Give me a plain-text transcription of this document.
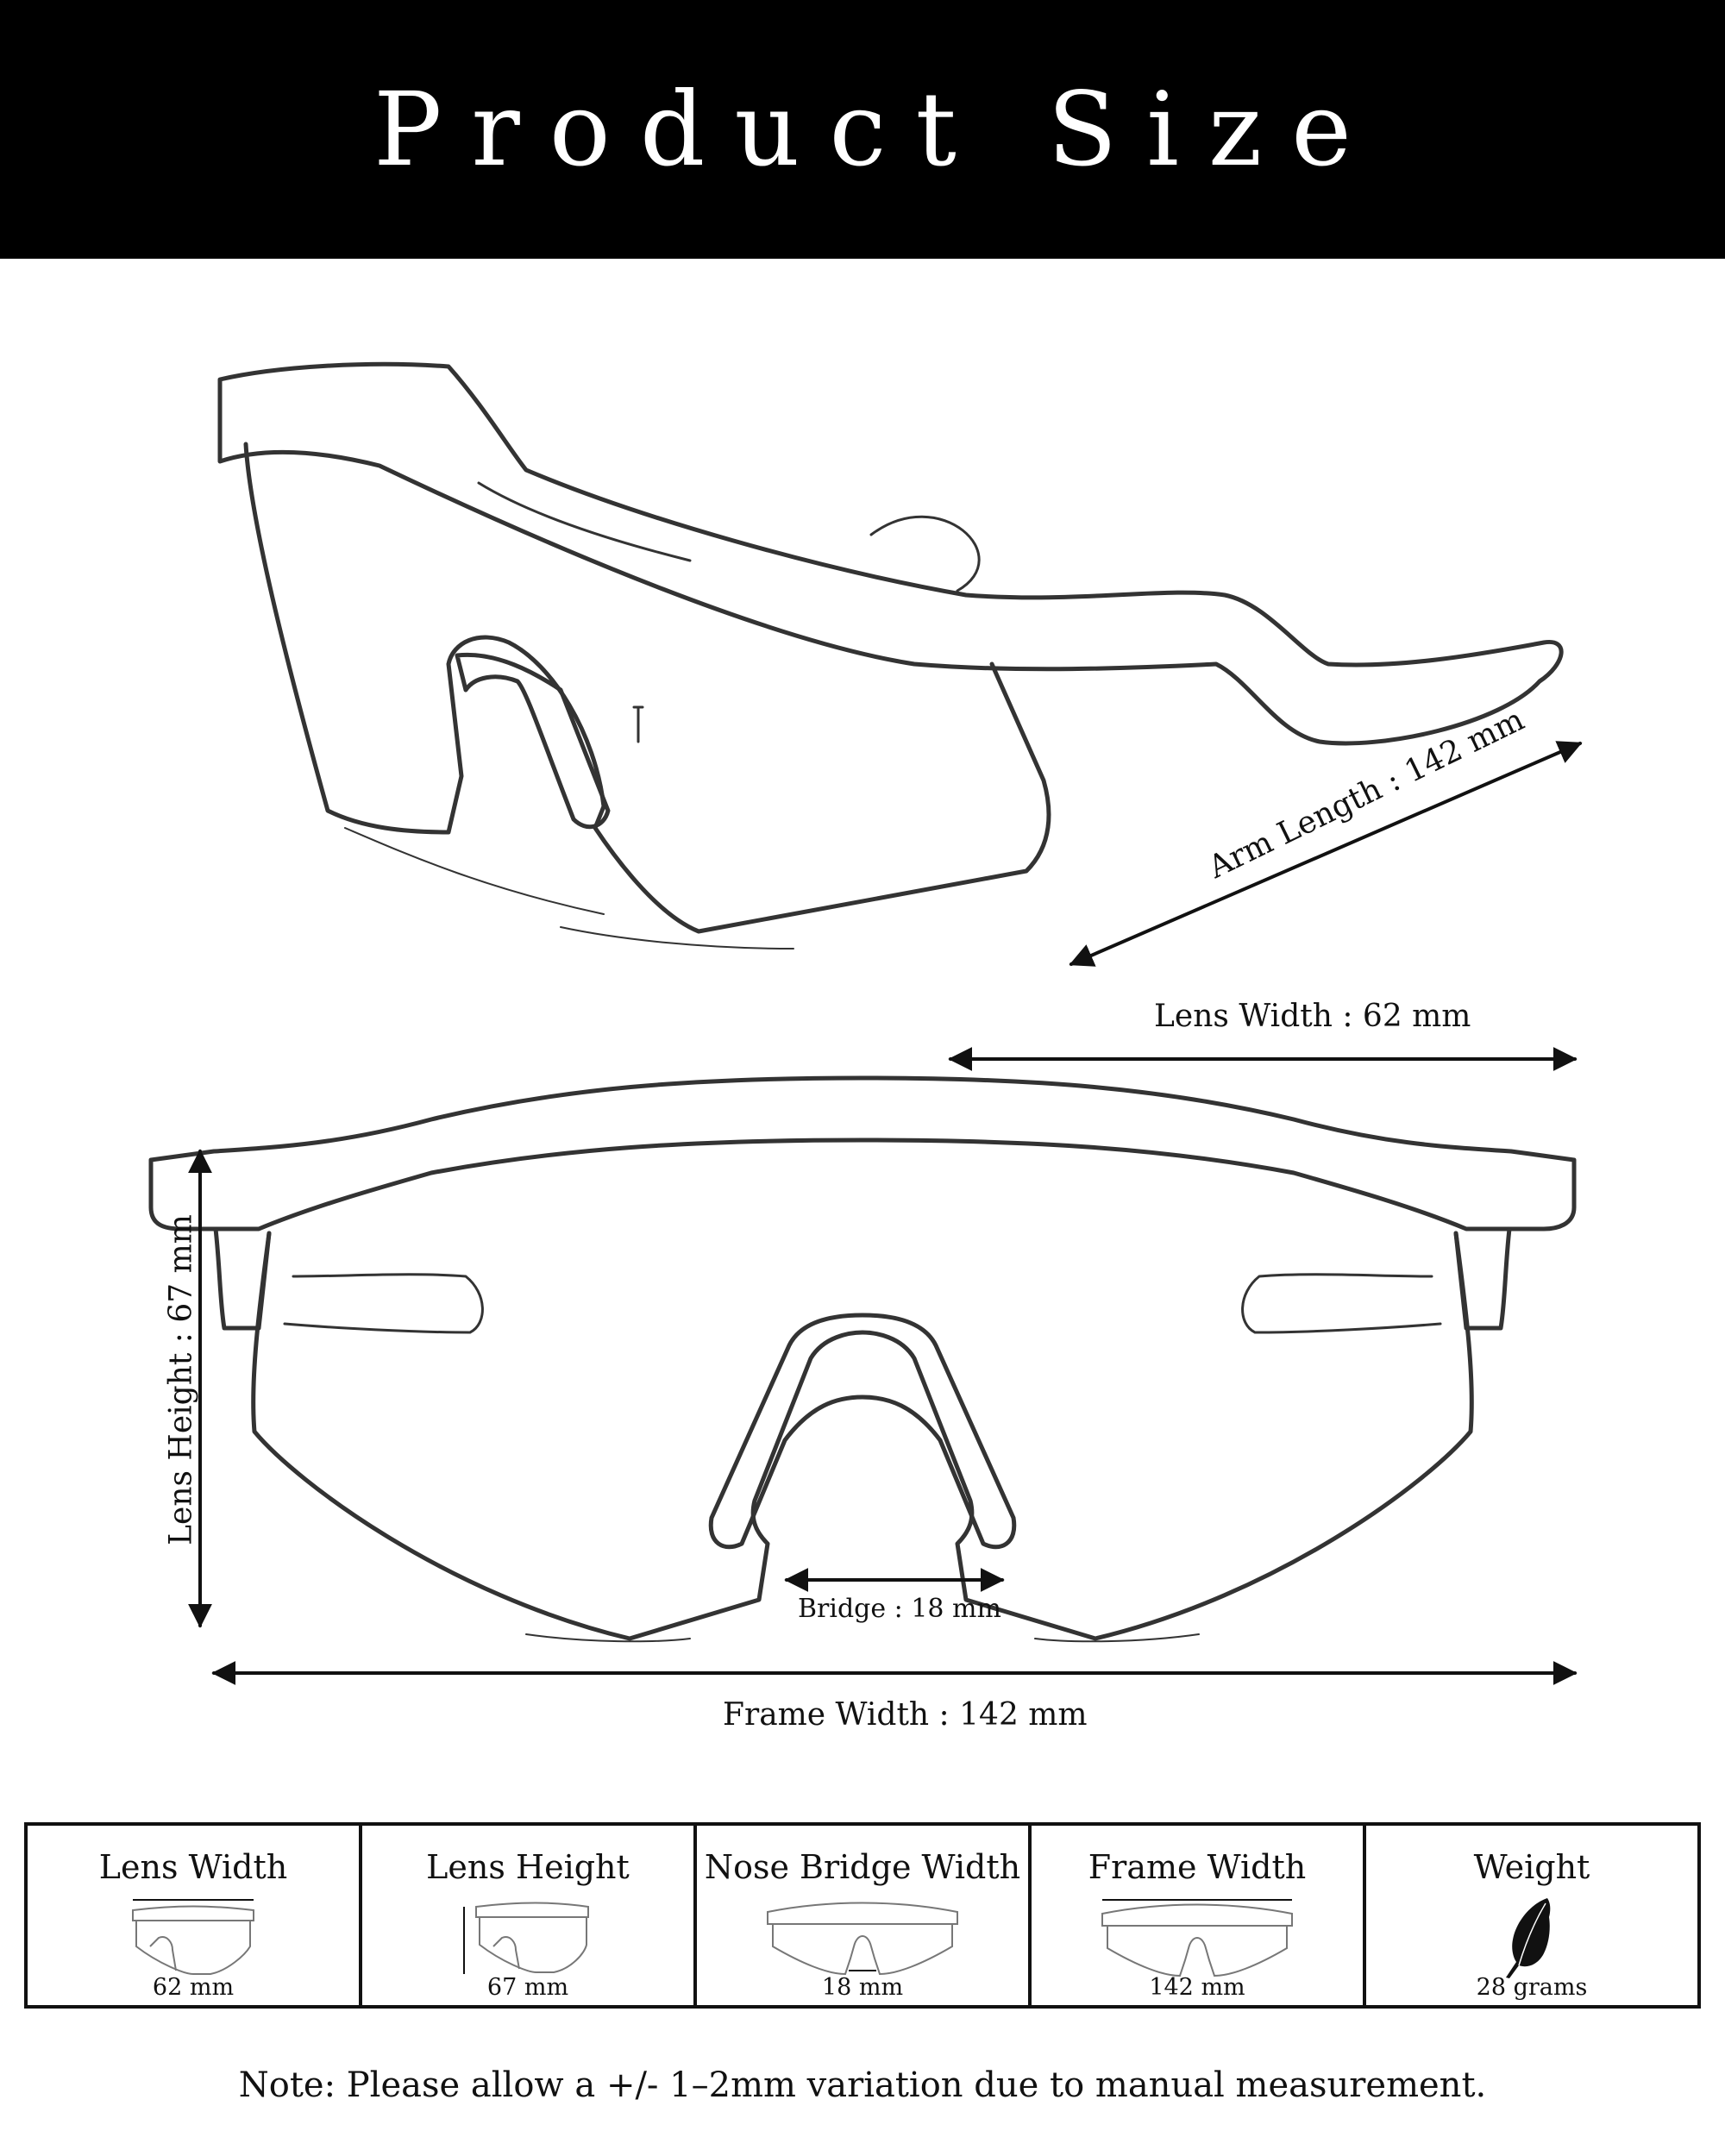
Product Size
Arm Length : 142 mm
Lens Width : 62 mm
Lens Height : 67 mm
Bridge : 18 mm
Frame Width : 142 mm
Lens Width
62 mm
Lens Height
67 mm
Nose Bridge Width
18 mm
Frame Width
142 mm
Weight
28 grams
Note: Please allow a +/- 1–2mm variation due to manual measurement.
